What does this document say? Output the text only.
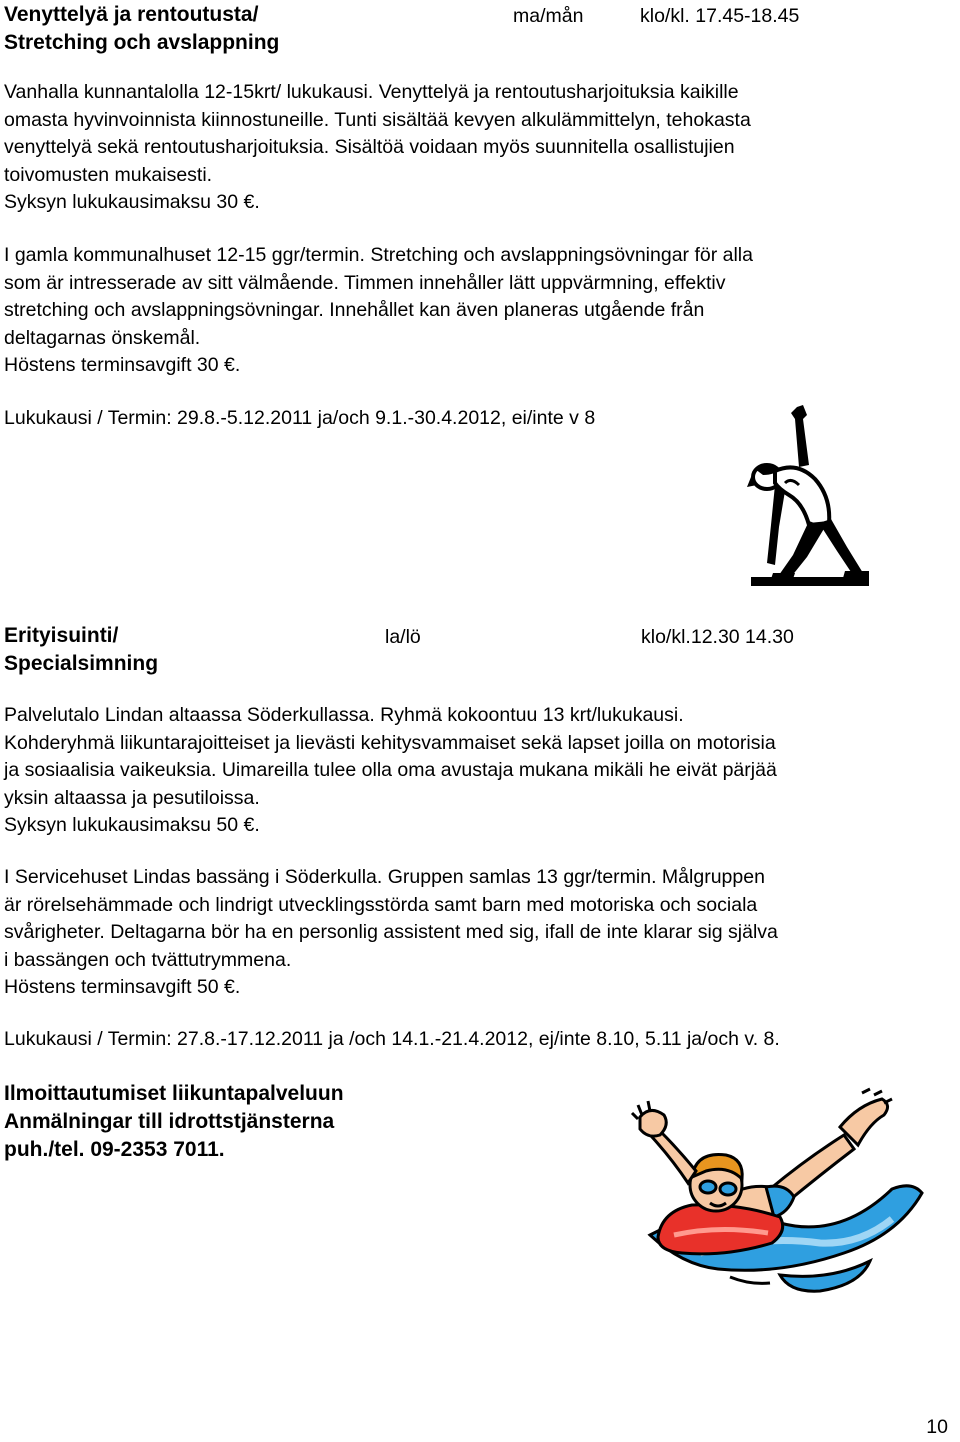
Venyttelyä ja rentoutusta/
Stretching och avslappning
ma/mån	klo/kl. 17.45-18.45
Vanhalla kunnantalolla 12-15krt/ lukukausi. Venyttelyä ja rentoutusharjoituksia kaikille
omasta hyvinvoinnista kiinnostuneille. Tunti sisältää kevyen alkulämmittelyn, tehokasta
venyttelyä sekä rentoutusharjoituksia. Sisältöä voidaan myös suunnitella osallistujien
toivomusten mukaisesti.
Syksyn lukukausimaksu 30 €.
I gamla kommunalhuset 12-15 ggr/termin. Stretching och avslappningsövningar för alla
som är intresserade av sitt välmående. Timmen innehåller lätt uppvärmning, effektiv
stretching och avslappningsövningar. Innehållet kan även planeras utgående från
deltagarnas önskemål.
Höstens terminsavgift 30 €.
Lukukausi / Termin: 29.8.-5.12.2011 ja/och 9.1.-30.4.2012, ei/inte v 8
Erityisuinti/
Specialsimning
la/lö	klo/kl.12.30 14.30
Palvelutalo Lindan altaassa Söderkullassa. Ryhmä kokoontuu 13 krt/lukukausi.
Kohderyhmä liikuntarajoitteiset ja lievästi kehitysvammaiset sekä lapset joilla on motorisia
ja sosiaalisia vaikeuksia. Uimareilla tulee olla oma avustaja mukana mikäli he eivät pärjää
yksin altaassa ja pesutiloissa.
Syksyn lukukausimaksu 50 €.
I Servicehuset Lindas bassäng i Söderkulla. Gruppen samlas 13 ggr/termin. Målgruppen
är rörelsehämmade och lindrigt utvecklingsstörda samt barn med motoriska och sociala
svårigheter. Deltagarna bör ha en personlig assistent med sig, ifall de inte klarar sig själva
i bassängen och tvättutrymmena.
Höstens terminsavgift 50 €.
Lukukausi / Termin: 27.8.-17.12.2011 ja /och 14.1.-21.4.2012, ej/inte 8.10, 5.11 ja/och v. 8.
Ilmoittautumiset liikuntapalveluun
Anmälningar till idrottstjänsterna
puh./tel. 09-2353 7011.
10
